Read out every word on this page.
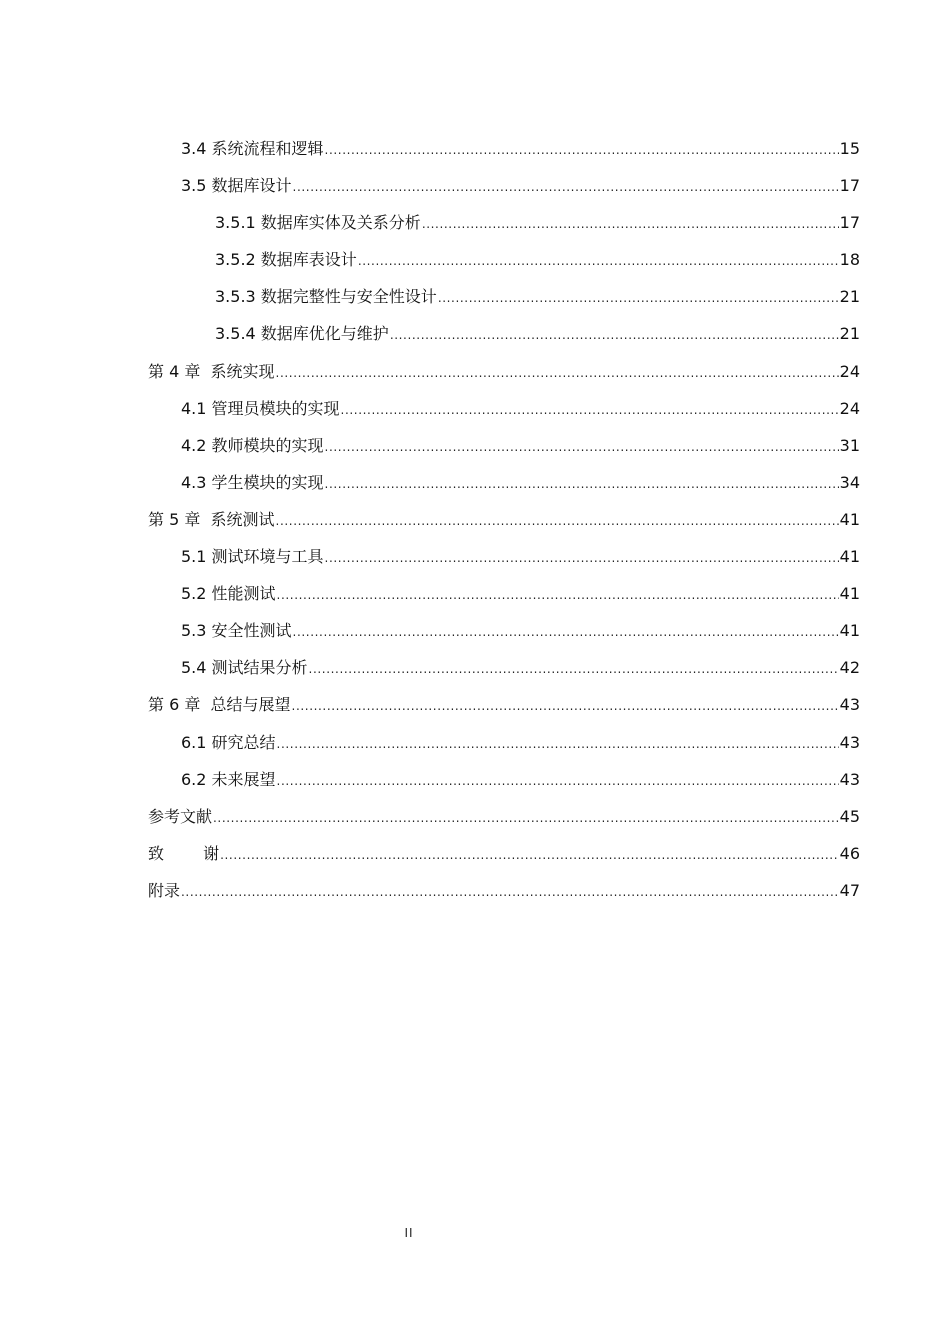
3.4 系统流程和逻辑 .....	15
3.5 数据库设计 .....	17
3.5.1 数据库实体及关系分析 .....	17
3.5.2 数据库表设计 .....	18
3.5.3 数据完整性与安全性设计 .....	21
3.5.4 数据库优化与维护 .....	21
第 4 章  系统实现 .....	24
4.1 管理员模块的实现 .....	24
4.2 教师模块的实现 .....	31
4.3 学生模块的实现 .....	34
第 5 章  系统测试 .....	41
5.1 测试环境与工具 .....	41
5.2 性能测试 .....	41
5.3 安全性测试 .....	41
5.4 测试结果分析 .....	42
第 6 章  总结与展望 .....	43
6.1 研究总结 .....	43
6.2 未来展望 .....	43
参考文献 .....	45
致 谢 .....	46
附录 .....	47
II
